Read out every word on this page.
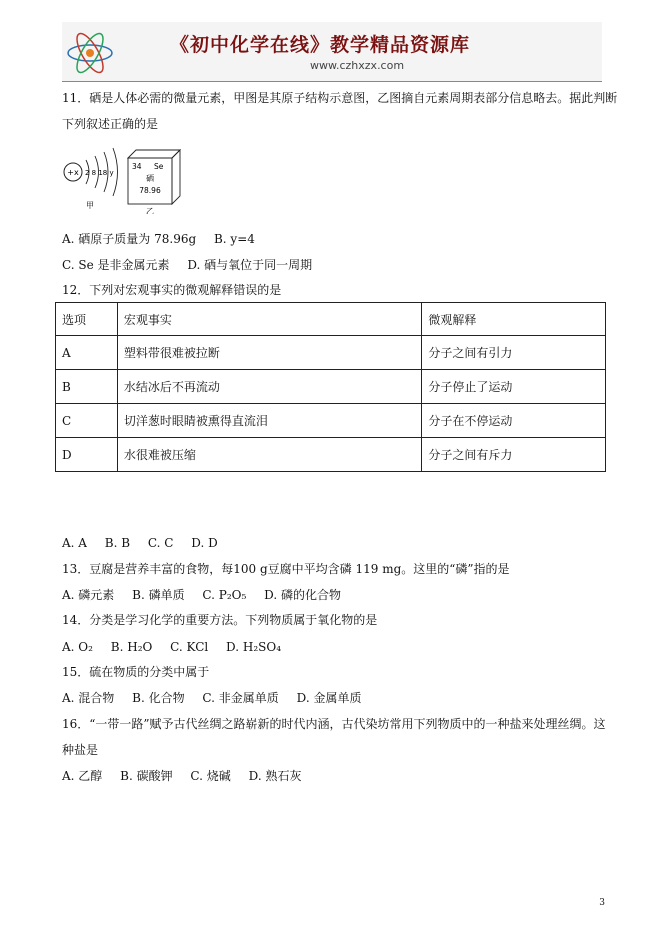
《初中化学在线》教学精品资源库
www.czhxzx.com
11．硒是人体必需的微量元素，甲图是其原子结构示意图，乙图摘自元素周期表部分信息略去。据此判断
下列叙述正确的是
+x 2 8 18 y
甲
34 Se
硒
78.96
乙
A. 硒原子质量为 78.96g B. y=4
C. Se 是非金属元素 D. 硒与氧位于同一周期
12．下列对宏观事实的微观解释错误的是
选项	宏观事实	微观解释
A	塑料带很难被拉断	分子之间有引力
B	水结冰后不再流动	分子停止了运动
C	切洋葱时眼睛被熏得直流泪	分子在不停运动
D	水很难被压缩	分子之间有斥力
A. A B. B C. C D. D
13．豆腐是营养丰富的食物，每100 g豆腐中平均含磷 119 mg。这里的“磷”指的是
A. 磷元素 B. 磷单质 C. P₂O₅ D. 磷的化合物
14．分类是学习化学的重要方法。下列物质属于氧化物的是
A. O₂ B. H₂O C. KCl D. H₂SO₄
15．硫在物质的分类中属于
A. 混合物 B. 化合物 C. 非金属单质 D. 金属单质
16．“一带一路”赋予古代丝绸之路崭新的时代内涵，古代染坊常用下列物质中的一种盐来处理丝绸。这
种盐是
A. 乙醇 B. 碳酸钾 C. 烧碱 D. 熟石灰
3
